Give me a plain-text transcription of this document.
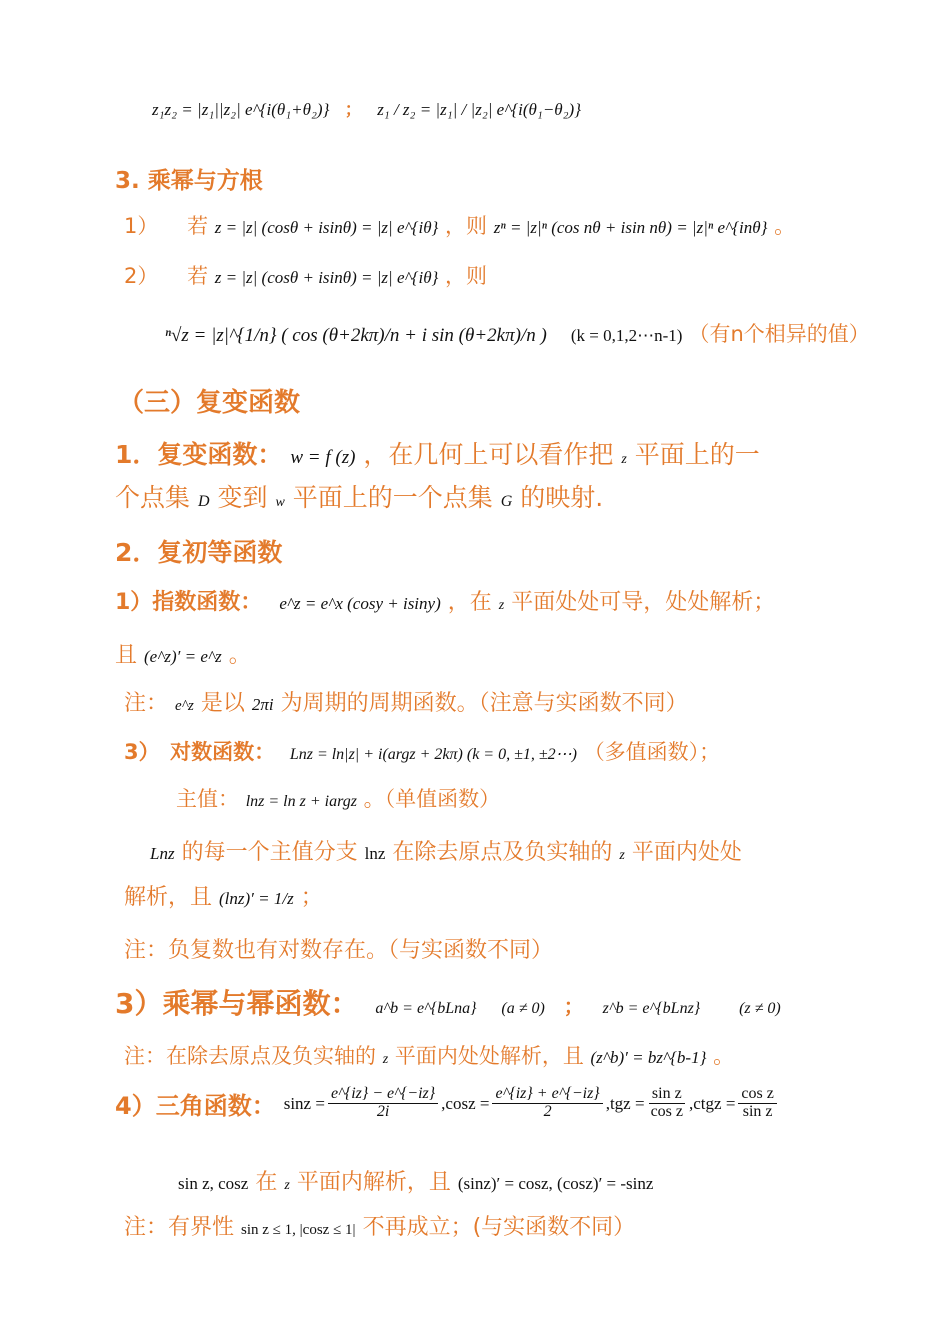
z₁z₂ = |z₁||z₂| e^{i(θ₁+θ₂)} ； z₁ / z₂ = |z₁| / |z₂| e^{i(θ₁−θ₂)}
3. 乘幂与方根
1） 若 z = |z| (cosθ + isinθ) = |z| e^{iθ} ，则 zⁿ = |z|ⁿ (cos nθ + isin nθ) = |z|ⁿ e^{inθ} 。
2） 若 z = |z| (cosθ + isinθ) = |z| e^{iθ} ，则
ⁿ√z = |z|^{1/n} ( cos (θ+2kπ)/n + i sin (θ+2kπ)/n ) (k = 0,1,2⋯n-1) （有n个相异的值）
（三）复变函数
1．复变函数： w = f (z) ，在几何上可以看作把 z 平面上的一
个点集 D 变到 w 平面上的一个点集 G 的映射.
2．复初等函数
1）指数函数： e^z = e^x (cosy + isiny) ，在 z 平面处处可导，处处解析；
且 (e^z)′ = e^z 。
注： e^z 是以 2πi 为周期的周期函数。（注意与实函数不同）
3）　对数函数： Lnz = ln|z| + i(argz + 2kπ) (k = 0, ±1, ±2⋯) （多值函数）；
主值： lnz = ln z + iargz 。（单值函数）
Lnz 的每一个主值分支 lnz 在除去原点及负实轴的 z 平面内处处
解析，且 (lnz)′ = 1/z ；
注：负复数也有对数存在。（与实函数不同）
3）乘幂与幂函数： a^b = e^{bLna} (a ≠ 0) ； z^b = e^{bLnz} (z ≠ 0)
注：在除去原点及负实轴的 z 平面内处处解析，且 (z^b)′ = bz^{b-1} 。
4）三角函数： $\sin z = \frac{e\^{}\{iz\} - e\^{}\{-iz\}}{2i} ,\cos z = \frac{e\^{}\{iz\} + e\^{}\{-iz\}}{2} ,tgz = \frac{\text{sin z}}{\text{cos z}}$ ,ctgz = $\frac{\text{cos z}}{\text{sin z}}$
sin z, cosz 在 z 平面内解析，且 (sinz)′ = cosz, (cosz)′ = -sinz
注：有界性 sin z ≤ 1, |cosz ≤ 1| 不再成立；(与实函数不同）
